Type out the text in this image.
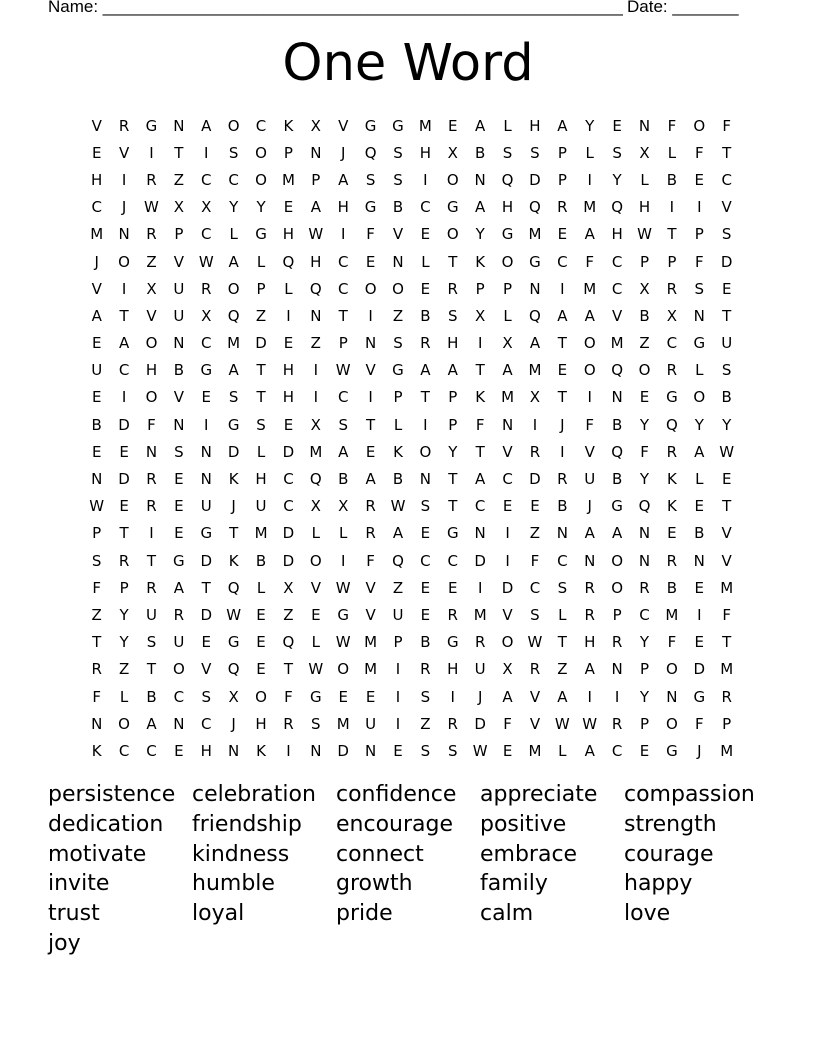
Name: _______________________________________________________ Date: _______
One Word
V	R	G	N	A	O	C	K	X	V	G	G	M	E	A	L	H	A	Y	E	N	F	O	F
E	V	I	T	I	S	O	P	N	J	Q	S	H	X	B	S	S	P	L	S	X	L	F	T
H	I	R	Z	C	C	O	M	P	A	S	S	I	O	N	Q	D	P	I	Y	L	B	E	C
C	J	W X	X	Y	Y	E	A	H	G	B	C	G	A	H	Q	R	M	Q	H	I	I	V
M	N	R	P	C	L	G	H W	I	F	V	E	O	Y	G	M	E	A	H W	T	P	S
J	O	Z	V W A	L	Q	H	C	E	N	L	T	K	O	G	C	F	C	P	P	F	D
V	I	X	U	R	O	P	L	Q	C	O	O	E	R	P	P	N	I	M	C	X	R	S	E
A	T	V	U	X	Q	Z	I	N	T	I	Z	B	S	X	L	Q	A	A	V	B	X	N	T
E	A	O	N	C	M	D	E	Z	P	N	S	R	H	I	X	A	T	O	M	Z	C	G	U
U	C	H	B	G	A	T	H	I	W V	G	A	A	T	A	M	E	O	Q	O	R	L	S
E	I	O	V	E	S	T	H	I	C	I	P	T	P	K	M	X	T	I	N	E	G	O	B
B	D	F	N	I	G	S	E	X	S	T	L	I	P	F	N	I	J	F	B	Y	Q	Y	Y
E	E	N	S	N	D	L	D	M	A	E	K	O	Y	T	V	R	I	V	Q	F	R	A W
N	D	R	E	N	K	H	C	Q	B	A	B	N	T	A	C	D	R	U	B	Y	K	L	E
W	E	R	E	U	J	U	C	X	X	R W	S	T	C	E	E	B	J	G	Q	K	E	T
P	T	I	E	G	T	M	D	L	L	R	A	E	G	N	I	Z	N	A	A	N	E	B	V
S	R	T	G	D	K	B	D	O	I	F	Q	C	C	D	I	F	C	N	O	N	R	N	V
F	P	R	A	T	Q	L	X	V W V	Z	E	E	I	D	C	S	R	O	R	B	E	M
Z	Y	U	R	D W	E	Z	E	G	V	U	E	R	M	V	S	L	R	P	C	M	I	F
T	Y	S	U	E	G	E	Q	L	W M	P	B	G	R	O W	T	H	R	Y	F	E	T
R	Z	T	O	V	Q	E	T	W O	M	I	R	H	U	X	R	Z	A	N	P	O	D	M
F	L	B	C	S	X	O	F	G	E	E	I	S	I	J	A	V	A	I	I	Y	N	G	R
N	O	A	N	C	J	H	R	S	M	U	I	Z	R	D	F	V W W R	P	O	F	P
K	C	C	E	H	N	K	I	N	D	N	E	S	S	W	E	M	L	A	C	E	G	J	M
persistence celebration confidence	appreciate	compassion
dedication	friendship	encourage	positive	strength
motivate	kindness	connect	embrace	courage
invite	humble	growth	family	happy
trust	loyal	pride	calm	love
joy
